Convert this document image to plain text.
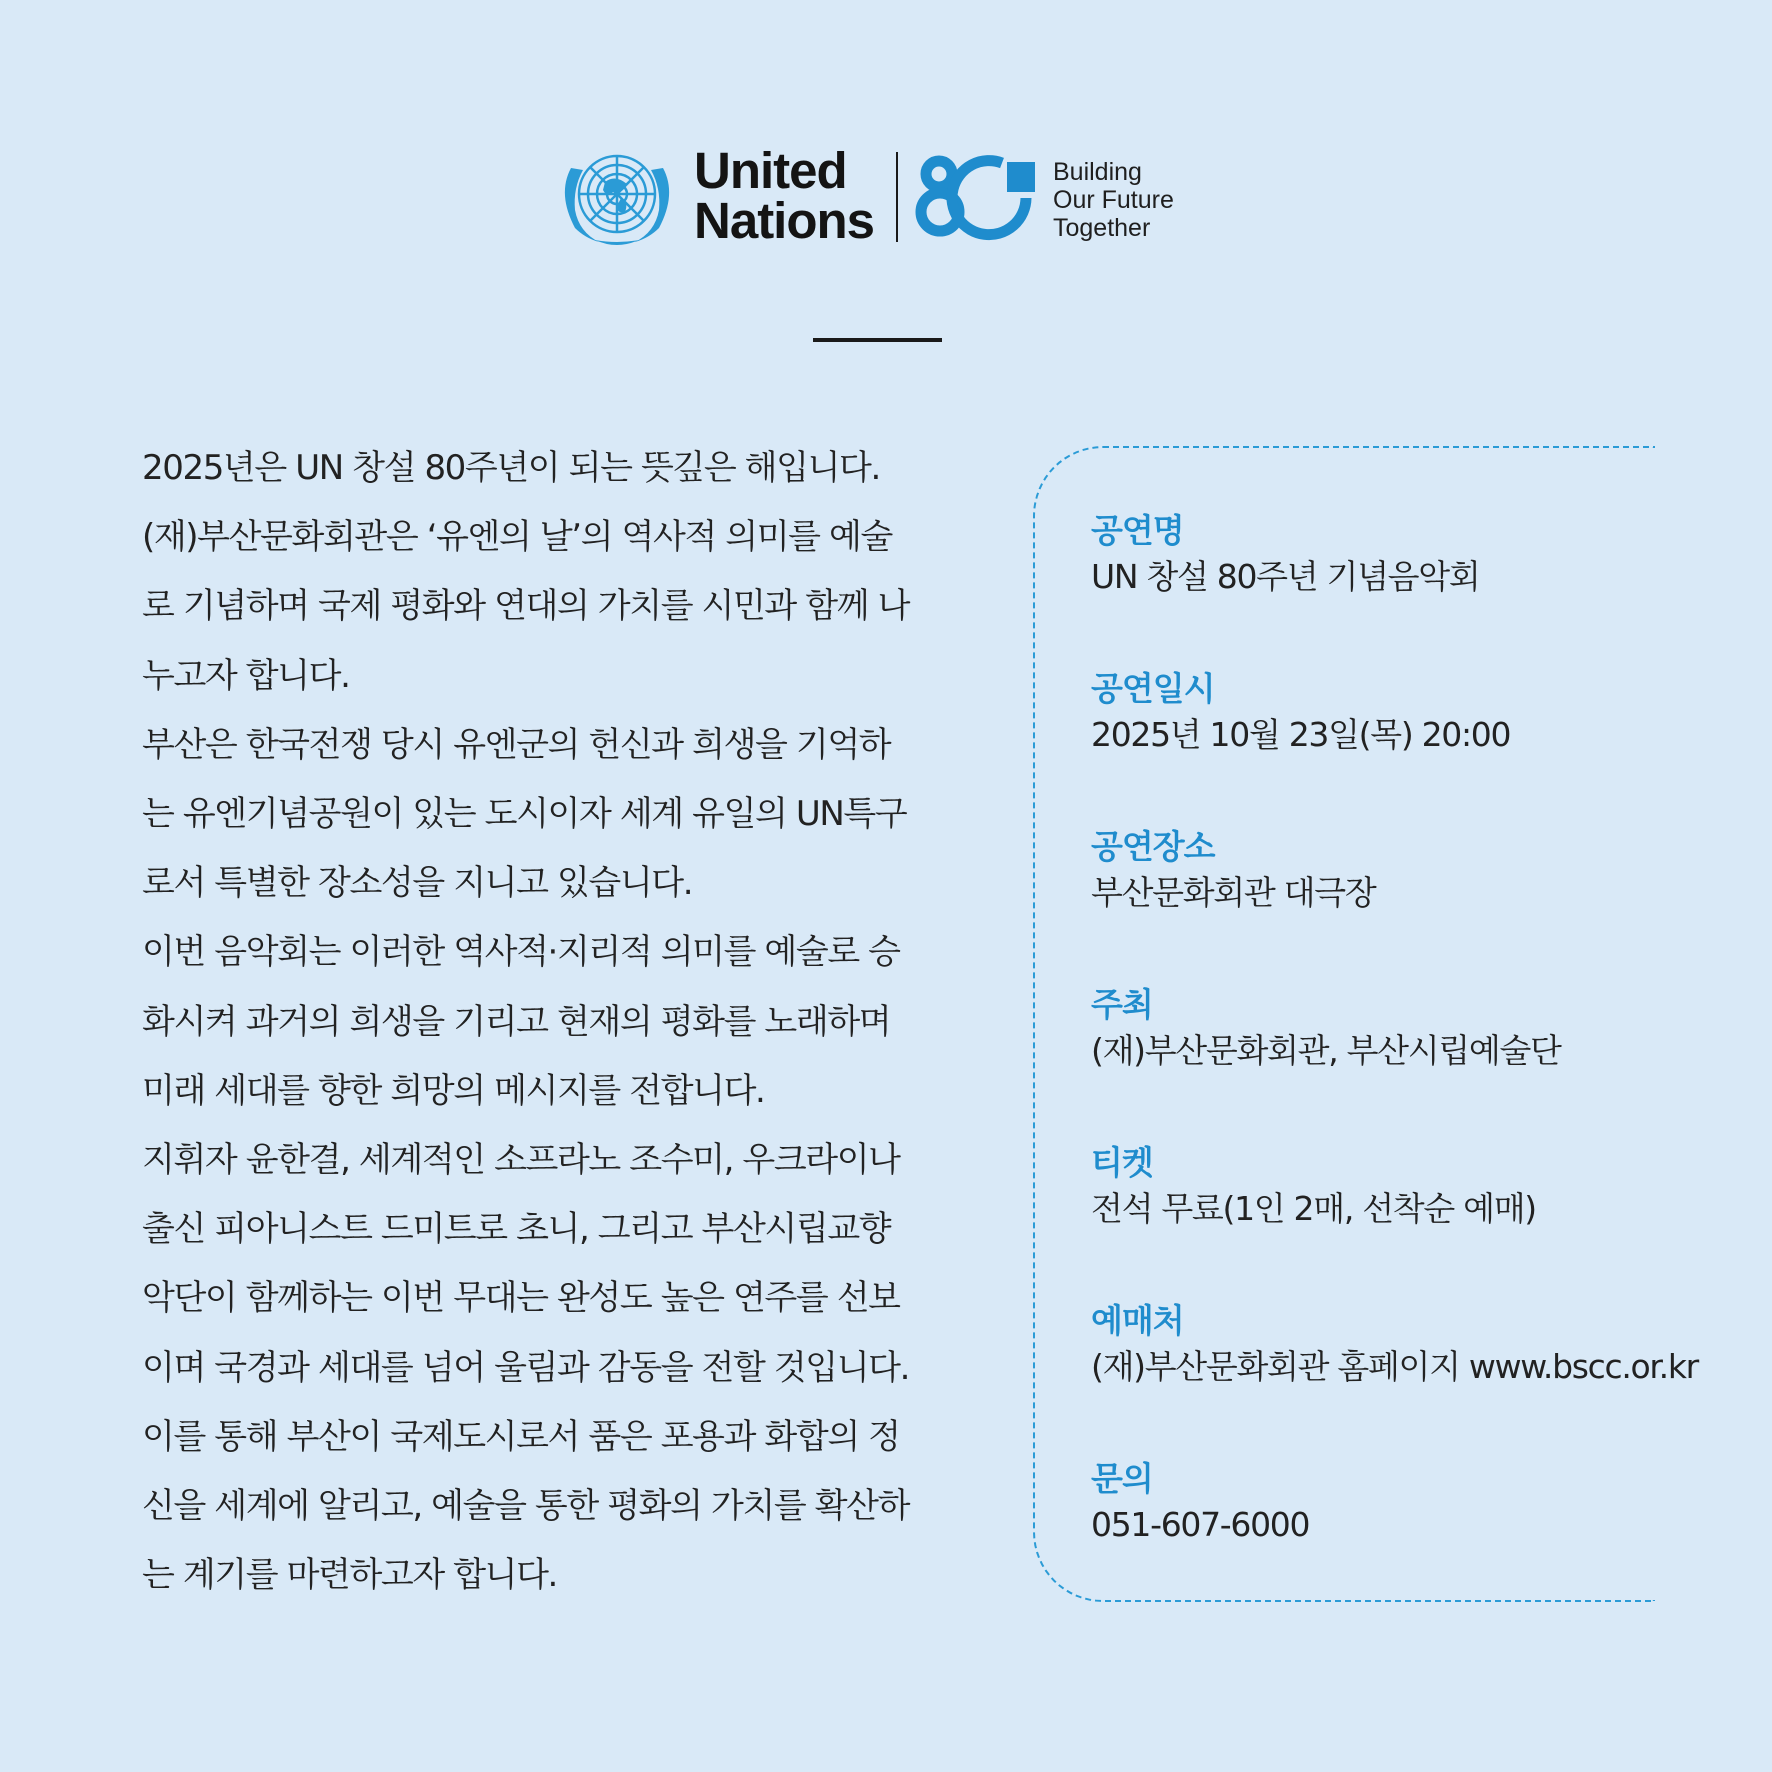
United
Nations
Building
Our Future
Together

2025년은 UN 창설 80주년이 되는 뜻깊은 해입니다.

(재)부산문화회관은 ‘유엔의 날’의 역사적 의미를 예술로 기념하며 국제 평화와 연대의 가치를 시민과 함께 나누고자 합니다.

부산은 한국전쟁 당시 유엔군의 헌신과 희생을 기억하는 유엔기념공원이 있는 도시이자 세계 유일의 UN특구로서 특별한 장소성을 지니고 있습니다.

이번 음악회는 이러한 역사적·지리적 의미를 예술로 승화시켜 과거의 희생을 기리고 현재의 평화를 노래하며 미래 세대를 향한 희망의 메시지를 전합니다.

지휘자 윤한결, 세계적인 소프라노 조수미, 우크라이나 출신 피아니스트 드미트로 초니, 그리고 부산시립교향악단이 함께하는 이번 무대는 완성도 높은 연주를 선보이며 국경과 세대를 넘어 울림과 감동을 전할 것입니다. 이를 통해 부산이 국제도시로서 품은 포용과 화합의 정신을 세계에 알리고, 예술을 통한 평화의 가치를 확산하는 계기를 마련하고자 합니다.

공연명
UN 창설 80주년 기념음악회
공연일시
2025년 10월 23일(목) 20:00
공연장소
부산문화회관 대극장
주최
(재)부산문화회관, 부산시립예술단
티켓
전석 무료(1인 2매, 선착순 예매)
예매처
(재)부산문화회관 홈페이지 www.bscc.or.kr
문의
051-607-6000
